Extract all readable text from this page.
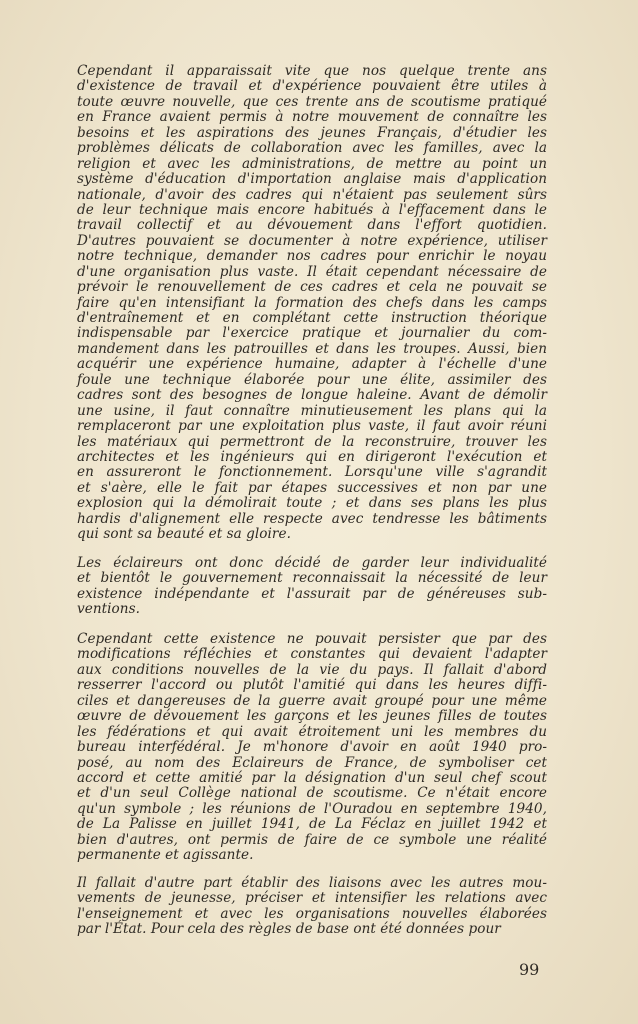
Cependant il apparaissait vite que nos quelque trente ans
d'existence de travail et d'expérience pouvaient être utiles à
toute œuvre nouvelle, que ces trente ans de scoutisme pratiqué
en France avaient permis à notre mouvement de connaître les
besoins et les aspirations des jeunes Français, d'étudier les
problèmes délicats de collaboration avec les familles, avec la
religion et avec les administrations, de mettre au point un
système d'éducation d'importation anglaise mais d'application
nationale, d'avoir des cadres qui n'étaient pas seulement sûrs
de leur technique mais encore habitués à l'effacement dans le
travail collectif et au dévouement dans l'effort quotidien.
D'autres pouvaient se documenter à notre expérience, utiliser
notre technique, demander nos cadres pour enrichir le noyau
d'une organisation plus vaste. Il était cependant nécessaire de
prévoir le renouvellement de ces cadres et cela ne pouvait se
faire qu'en intensifiant la formation des chefs dans les camps
d'entraînement et en complétant cette instruction théorique
indispensable par l'exercice pratique et journalier du com-
mandement dans les patrouilles et dans les troupes. Aussi, bien
acquérir une expérience humaine, adapter à l'échelle d'une
foule une technique élaborée pour une élite, assimiler des
cadres sont des besognes de longue haleine. Avant de démolir
une usine, il faut connaître minutieusement les plans qui la
remplaceront par une exploitation plus vaste, il faut avoir réuni
les matériaux qui permettront de la reconstruire, trouver les
architectes et les ingénieurs qui en dirigeront l'exécution et
en assureront le fonctionnement. Lorsqu'une ville s'agrandit
et s'aère, elle le fait par étapes successives et non par une
explosion qui la démolirait toute ; et dans ses plans les plus
hardis d'alignement elle respecte avec tendresse les bâtiments
qui sont sa beauté et sa gloire.
Les éclaireurs ont donc décidé de garder leur individualité
et bientôt le gouvernement reconnaissait la nécessité de leur
existence indépendante et l'assurait par de généreuses sub-
ventions.
Cependant cette existence ne pouvait persister que par des
modifications réfléchies et constantes qui devaient l'adapter
aux conditions nouvelles de la vie du pays. Il fallait d'abord
resserrer l'accord ou plutôt l'amitié qui dans les heures diffi-
ciles et dangereuses de la guerre avait groupé pour une même
œuvre de dévouement les garçons et les jeunes filles de toutes
les fédérations et qui avait étroitement uni les membres du
bureau interfédéral. Je m'honore d'avoir en août 1940 pro-
posé, au nom des Eclaireurs de France, de symboliser cet
accord et cette amitié par la désignation d'un seul chef scout
et d'un seul Collège national de scoutisme. Ce n'était encore
qu'un symbole ; les réunions de l'Ouradou en septembre 1940,
de La Palisse en juillet 1941, de La Féclaz en juillet 1942 et
bien d'autres, ont permis de faire de ce symbole une réalité
permanente et agissante.
Il fallait d'autre part établir des liaisons avec les autres mou-
vements de jeunesse, préciser et intensifier les relations avec
l'enseignement et avec les organisations nouvelles élaborées
par l'État. Pour cela des règles de base ont été données pour
99
